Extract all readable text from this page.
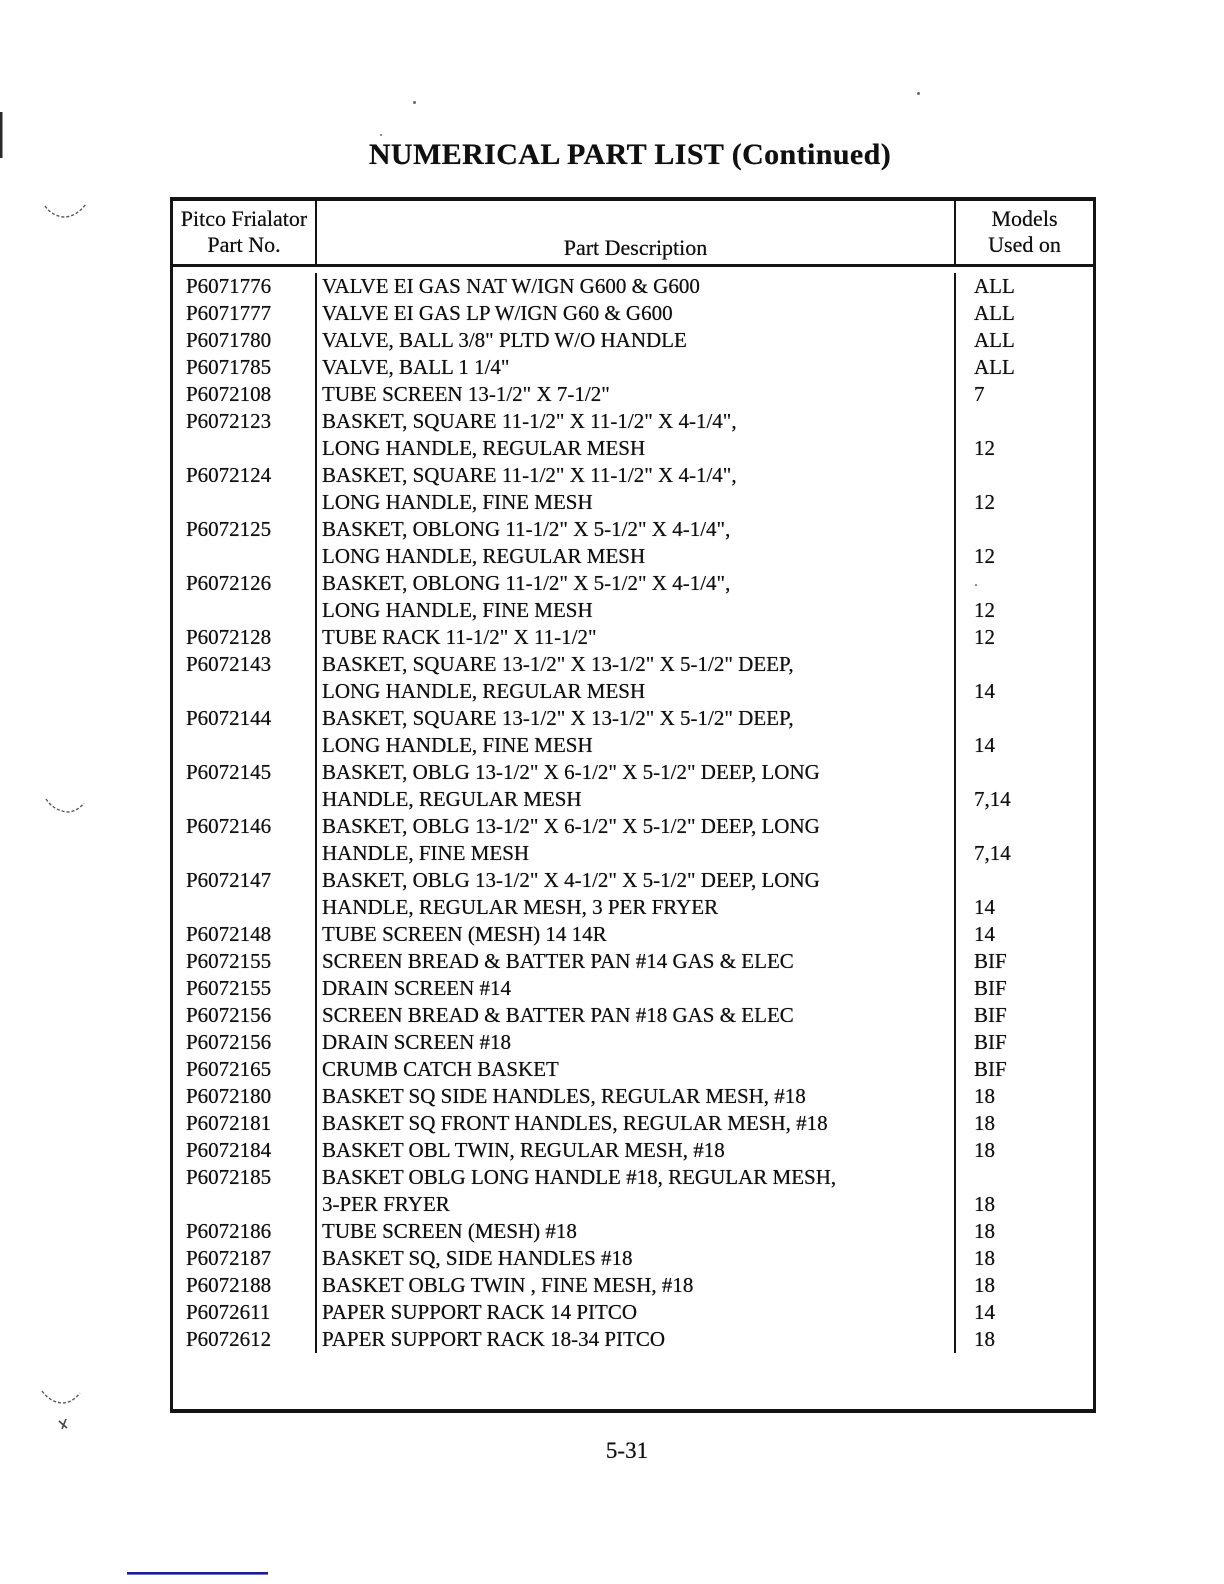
NUMERICAL PART LIST (Continued)
Pitco Frialator
Part No.	Part Description
Models
Used on
P6071776	VALVE EI GAS NAT W/IGN G600 & G600	ALL
P6071777	VALVE EI GAS LP W/IGN G60 & G600	ALL
P6071780	VALVE, BALL 3/8" PLTD W/O HANDLE	ALL
P6071785	VALVE, BALL 1 1/4"	ALL
P6072108	TUBE SCREEN 13-1/2" X 7-1/2"	7
P6072123	BASKET, SQUARE 11-1/2" X 11-1/2" X 4-1/4",
LONG HANDLE, REGULAR MESH	12
P6072124	BASKET, SQUARE 11-1/2" X 11-1/2" X 4-1/4",
LONG HANDLE, FINE MESH	12
P6072125	BASKET, OBLONG 11-1/2" X 5-1/2" X 4-1/4",
LONG HANDLE, REGULAR MESH	12
P6072126	BASKET, OBLONG 11-1/2" X 5-1/2" X 4-1/4",
LONG HANDLE, FINE MESH	12
P6072128	TUBE RACK 11-1/2" X 11-1/2"	12
P6072143	BASKET, SQUARE 13-1/2" X 13-1/2" X 5-1/2" DEEP,
LONG HANDLE, REGULAR MESH	14
P6072144	BASKET, SQUARE 13-1/2" X 13-1/2" X 5-1/2" DEEP,
LONG HANDLE, FINE MESH	14
P6072145	BASKET, OBLG 13-1/2" X 6-1/2" X 5-1/2" DEEP, LONG
HANDLE, REGULAR MESH	7,14
P6072146	BASKET, OBLG 13-1/2" X 6-1/2" X 5-1/2" DEEP, LONG
HANDLE, FINE MESH	7,14
P6072147	BASKET, OBLG 13-1/2" X 4-1/2" X 5-1/2" DEEP, LONG
HANDLE, REGULAR MESH, 3 PER FRYER	14
P6072148	TUBE SCREEN (MESH) 14 14R	14
P6072155	SCREEN BREAD & BATTER PAN #14 GAS & ELEC	BIF
P6072155	DRAIN SCREEN #14	BIF
P6072156	SCREEN BREAD & BATTER PAN #18 GAS & ELEC	BIF
P6072156	DRAIN SCREEN #18	BIF
P6072165	CRUMB CATCH BASKET	BIF
P6072180	BASKET SQ SIDE HANDLES, REGULAR MESH, #18	18
P6072181	BASKET SQ FRONT HANDLES, REGULAR MESH, #18	18
P6072184	BASKET OBL TWIN, REGULAR MESH, #18	18
P6072185	BASKET OBLG LONG HANDLE #18, REGULAR MESH,
3-PER FRYER	18
P6072186	TUBE SCREEN (MESH) #18	18
P6072187	BASKET SQ, SIDE HANDLES #18	18
P6072188	BASKET OBLG TWIN , FINE MESH, #18	18
P6072611	PAPER SUPPORT RACK 14 PITCO	14
P6072612	PAPER SUPPORT RACK 18-34 PITCO	18
5-31
